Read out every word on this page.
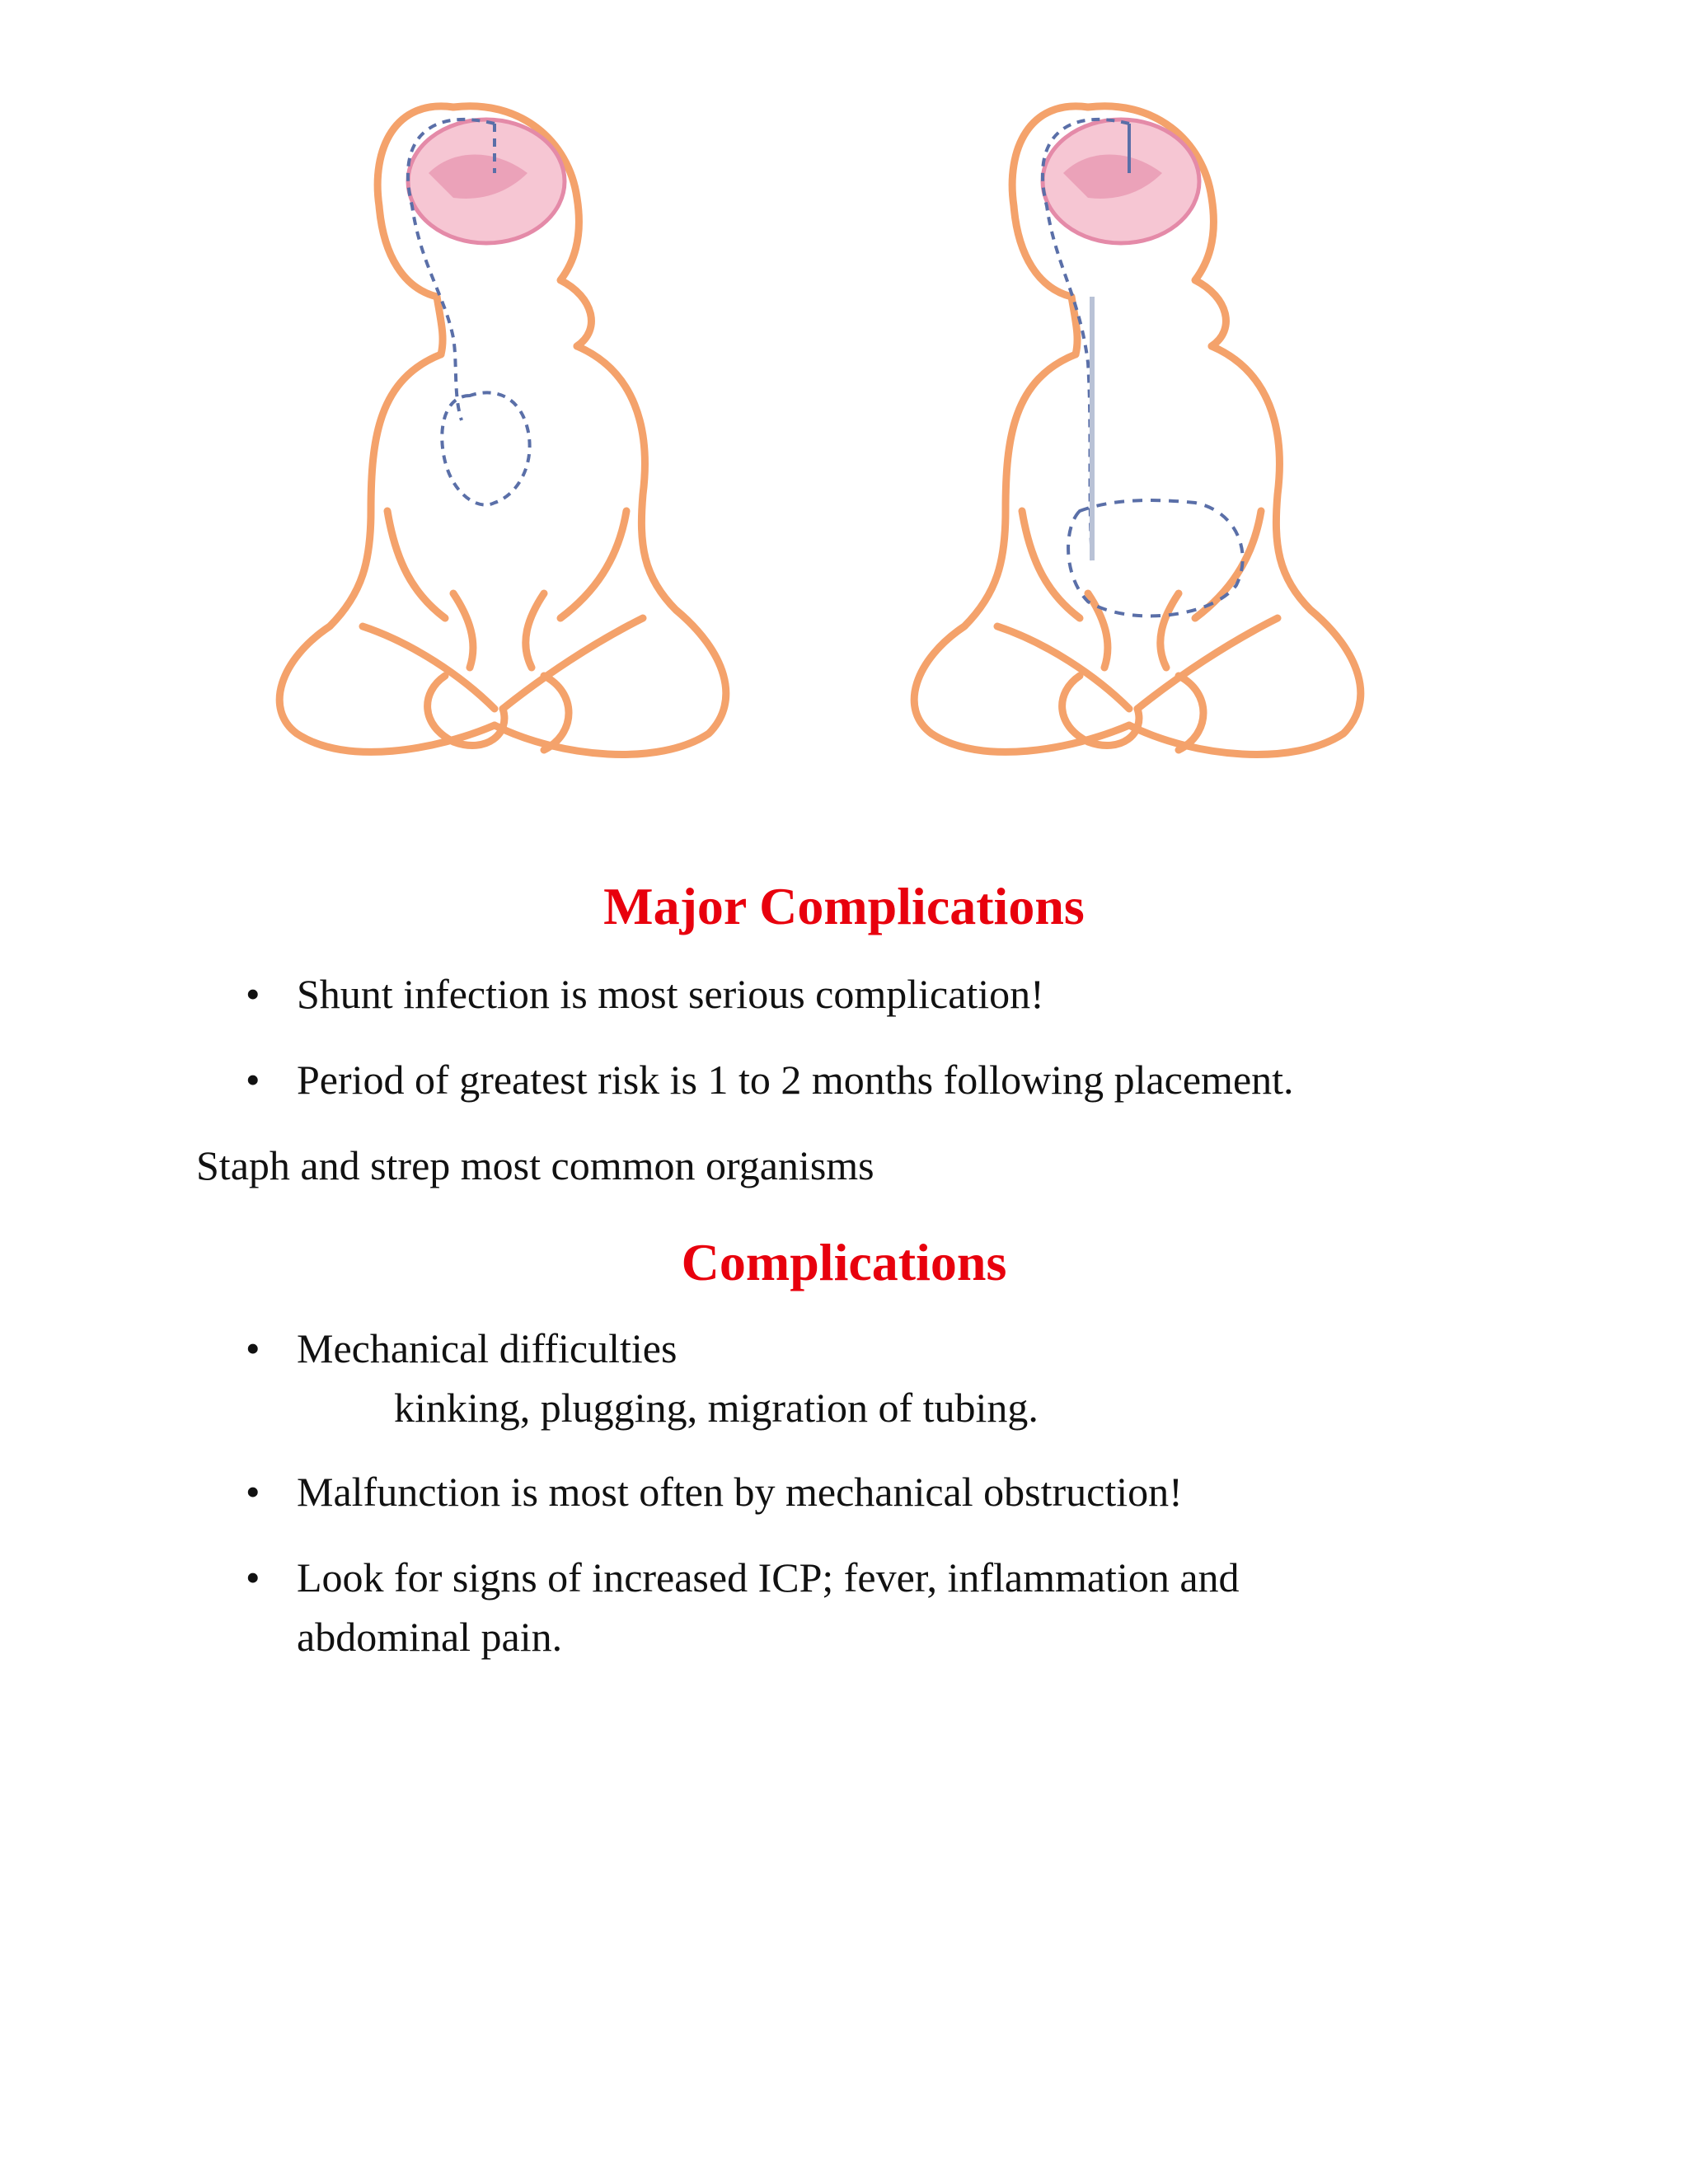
Major Complications
• Shunt infection is most serious complication!
• Period of greatest risk is 1 to 2 months following placement.
Staph and strep most common organisms
Complications
• Mechanical difficulties
kinking, plugging, migration of tubing.
• Malfunction is most often by mechanical obstruction!
• Look for signs of increased ICP; fever, inflammation and
abdominal pain.
